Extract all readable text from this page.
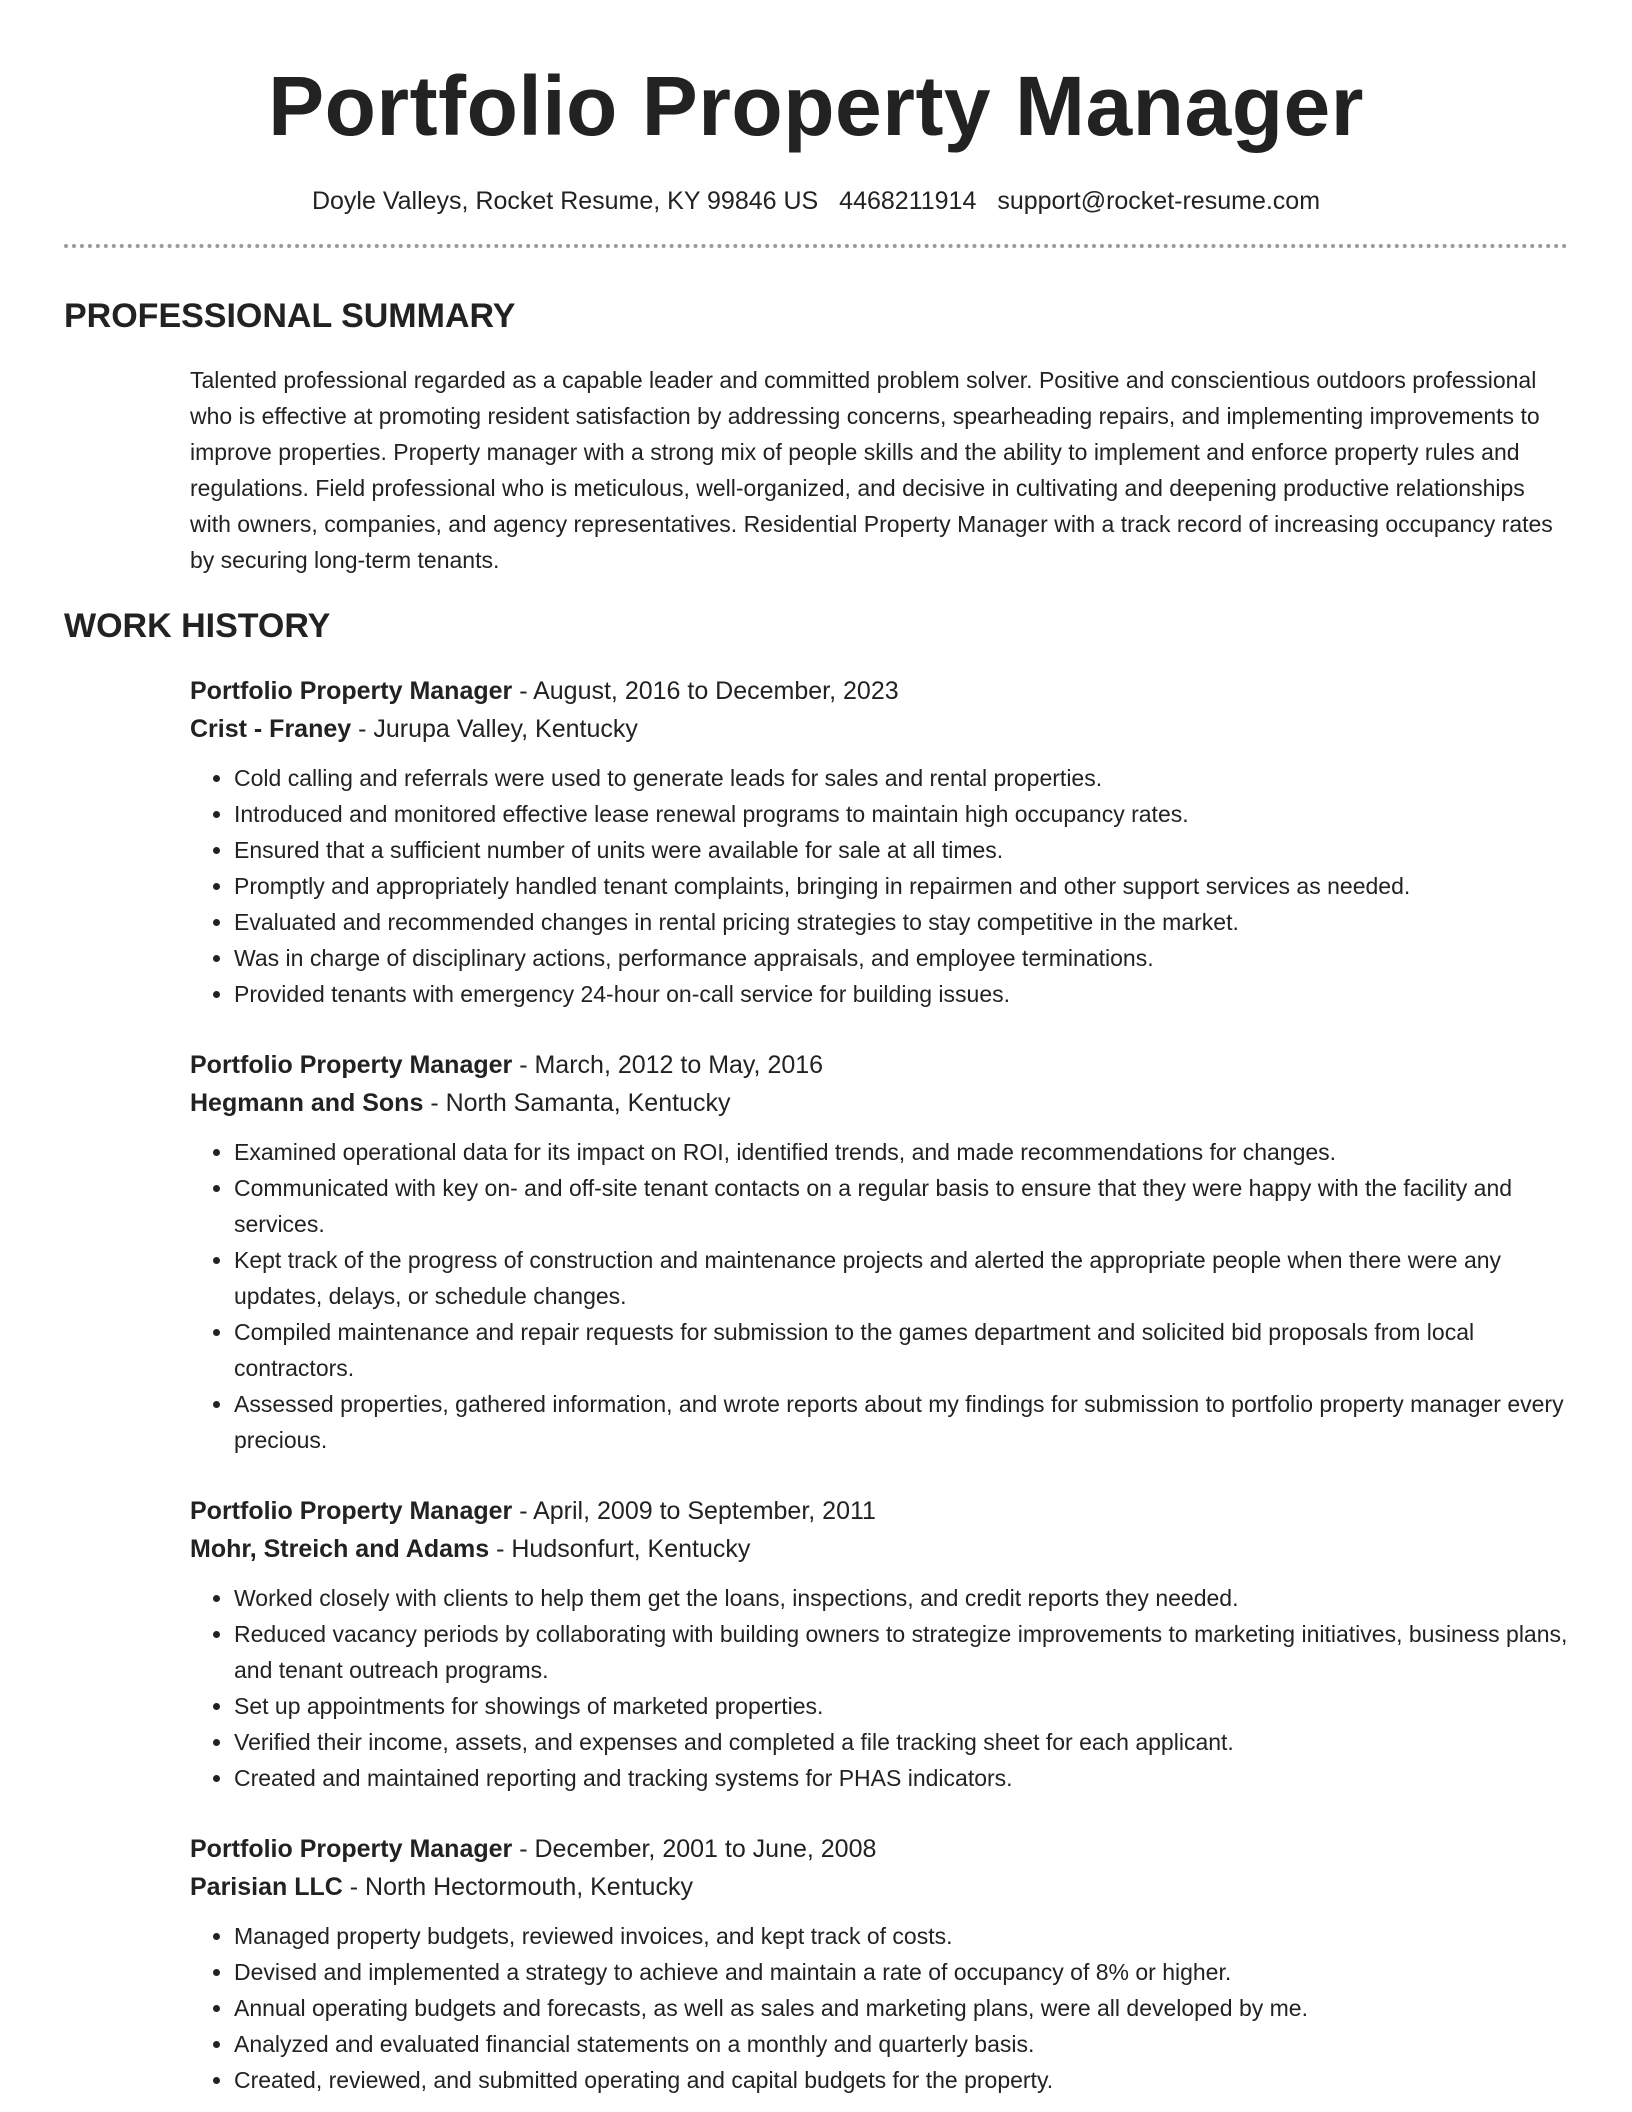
Portfolio Property Manager
Doyle Valleys, Rocket Resume, KY 99846 US 4468211914 support@rocket-resume.com
PROFESSIONAL SUMMARY

Talented professional regarded as a capable leader and committed problem solver. Positive and conscientious outdoors professional who is effective at promoting resident satisfaction by addressing concerns, spearheading repairs, and implementing improvements to improve properties. Property manager with a strong mix of people skills and the ability to implement and enforce property rules and regulations. Field professional who is meticulous, well-organized, and decisive in cultivating and deepening productive relationships with owners, companies, and agency representatives. Residential Property Manager with a track record of increasing occupancy rates by securing long-term tenants.

WORK HISTORY
Portfolio Property Manager - August, 2016 to December, 2023
Crist - Franey - Jurupa Valley, Kentucky
• Cold calling and referrals were used to generate leads for sales and rental properties.
• Introduced and monitored effective lease renewal programs to maintain high occupancy rates.
• Ensured that a sufficient number of units were available for sale at all times.
• Promptly and appropriately handled tenant complaints, bringing in repairmen and other support services as needed.
• Evaluated and recommended changes in rental pricing strategies to stay competitive in the market.
• Was in charge of disciplinary actions, performance appraisals, and employee terminations.
• Provided tenants with emergency 24-hour on-call service for building issues.
Portfolio Property Manager - March, 2012 to May, 2016
Hegmann and Sons - North Samanta, Kentucky
• Examined operational data for its impact on ROI, identified trends, and made recommendations for changes.
• Communicated with key on- and off-site tenant contacts on a regular basis to ensure that they were happy with the facility and services.
• Kept track of the progress of construction and maintenance projects and alerted the appropriate people when there were any updates, delays, or schedule changes.
• Compiled maintenance and repair requests for submission to the games department and solicited bid proposals from local contractors.
• Assessed properties, gathered information, and wrote reports about my findings for submission to portfolio property manager every precious.
Portfolio Property Manager - April, 2009 to September, 2011
Mohr, Streich and Adams - Hudsonfurt, Kentucky
• Worked closely with clients to help them get the loans, inspections, and credit reports they needed.
• Reduced vacancy periods by collaborating with building owners to strategize improvements to marketing initiatives, business plans, and tenant outreach programs.
• Set up appointments for showings of marketed properties.
• Verified their income, assets, and expenses and completed a file tracking sheet for each applicant.
• Created and maintained reporting and tracking systems for PHAS indicators.
Portfolio Property Manager - December, 2001 to June, 2008
Parisian LLC - North Hectormouth, Kentucky
• Managed property budgets, reviewed invoices, and kept track of costs.
• Devised and implemented a strategy to achieve and maintain a rate of occupancy of 8% or higher.
• Annual operating budgets and forecasts, as well as sales and marketing plans, were all developed by me.
• Analyzed and evaluated financial statements on a monthly and quarterly basis.
• Created, reviewed, and submitted operating and capital budgets for the property.
